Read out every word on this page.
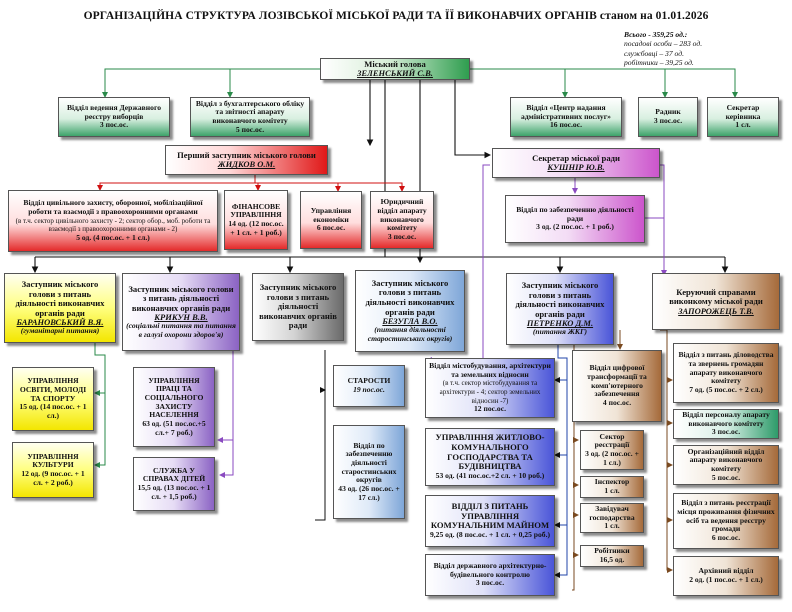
ОРГАНІЗАЦІЙНА СТРУКТУРА ЛОЗІВСЬКОЇ МІСЬКОЇ РАДИ ТА ЇЇ ВИКОНАВЧИХ ОРГАНІВ станом на 01.01.2026
Всього - 359,25 од.:
посадові особи – 283 од.
службовці – 37 од.
робітники – 39,25 од.
Міський голова
ЗЕЛЕНСЬКИЙ С.В.
Відділ ведення Державного реєстру виборців
3 пос.ос.
Відділ з бухгалтерського обліку та звітності апарату виконавчого комітету
5 пос.ос.
Відділ «Центр надання адміністративних послуг»
16 пос.ос.
Радник
3 пос.ос.
Секретар керівника
1 сл.
Перший заступник міського голови
ЖИДКОВ О.М.
Секретар міської ради
КУШНІР Ю.В.
Відділ цивільного захисту, оборонної, мобілізаційної роботи та взаємодії з правоохоронними органами
(в т.ч. сектор цивільного захисту - 2; сектор обор., моб. роботи та взаємодії з правоохоронними органами - 2)
5 од. (4 пос.ос. + 1 сл.)
ФІНАНСОВЕ УПРАВЛІННЯ
14 од. (12 пос.ос. + 1 сл. + 1 роб.)
Управління економіки
6 пос.ос.
Юридичний відділ апарату виконавчого комітету
3 пос.ос.
Відділ по забезпеченню діяльності ради
3 од. (2 пос.ос. + 1 роб.)
Заступник міського голови з питань діяльності виконавчих органів ради
БАРАНОВСЬКИЙ В.Я.
(гуманітарні питання)
Заступник міського голови з питань діяльності виконавчих органів ради
КРИКУН В.В.
(соціальні питання та питання в галузі охорони здоров'я)
Заступник міського голови з питань діяльності виконавчих органів ради
Заступник міського голови з питань діяльності виконавчих органів ради
БЕЗУГЛА В.О.
(питання діяльності старостинських округів)
Заступник міського голови з питань діяльності виконавчих органів ради
ПЕТРЕНКО Д.М.
(питання ЖКГ)
Керуючий справами виконкому міської ради
ЗАПОРОЖЕЦЬ Т.В.
УПРАВЛІННЯ ОСВІТИ, МОЛОДІ ТА СПОРТУ
15 од. (14 пос.ос. + 1 сл.)
УПРАВЛІННЯ КУЛЬТУРИ
12 од. (9 пос.ос. + 1 сл. + 2 роб.)
УПРАВЛІННЯ ПРАЦІ ТА СОЦІАЛЬНОГО ЗАХИСТУ НАСЕЛЕННЯ
63 од. (51 пос.ос.+5 сл.+ 7 роб.)
СЛУЖБА У СПРАВАХ ДІТЕЙ
15,5 од. (13 пос.ос. + 1 сл. + 1,5 роб.)
СТАРОСТИ
19 пос.ос.
Відділ по забезпеченню діяльності старостинських округів
43 од. (26 пос.ос. + 17 сл.)
Відділ містобудування, архітектури та земельних відносин
(в т.ч. сектор містобудування та архітектури - 4; сектор земельних відносин -7)
12 пос.ос.
УПРАВЛІННЯ ЖИТЛОВО-КОМУНАЛЬНОГО ГОСПОДАРСТВА ТА БУДІВНИЦТВА
53 од. (41 пос.ос.+2 сл. + 10 роб.)
ВІДДІЛ З ПИТАНЬ УПРАВЛІННЯ КОМУНАЛЬНИМ МАЙНОМ
9,25 од. (8 пос.ос. + 1 сл. + 0,25 роб.)
Відділ державного архітектурно-будівельного контролю
3 пос.ос.
Відділ цифрової трансформації та комп'ютерного забезпечення
4 пос.ос.
Сектор реєстрації
3 од. (2 пос.ос. + 1 сл.)
Інспектор
1 сл.
Завідувач господарства
1 сл.
Робітники
16,5 од.
Відділ з питань діловодства та звернень громадян апарату виконавчого комітету
7 од. (5 пос.ос. + 2 сл.)
Відділ персоналу апарату виконавчого комітету
3 пос.ос.
Організаційний відділ апарату виконавчого комітету
5 пос.ос.
Відділ з питань реєстрації місця проживання фізичних осіб та ведення реєстру громади
6 пос.ос.
Архівний відділ
2 од. (1 пос.ос. + 1 сл.)
